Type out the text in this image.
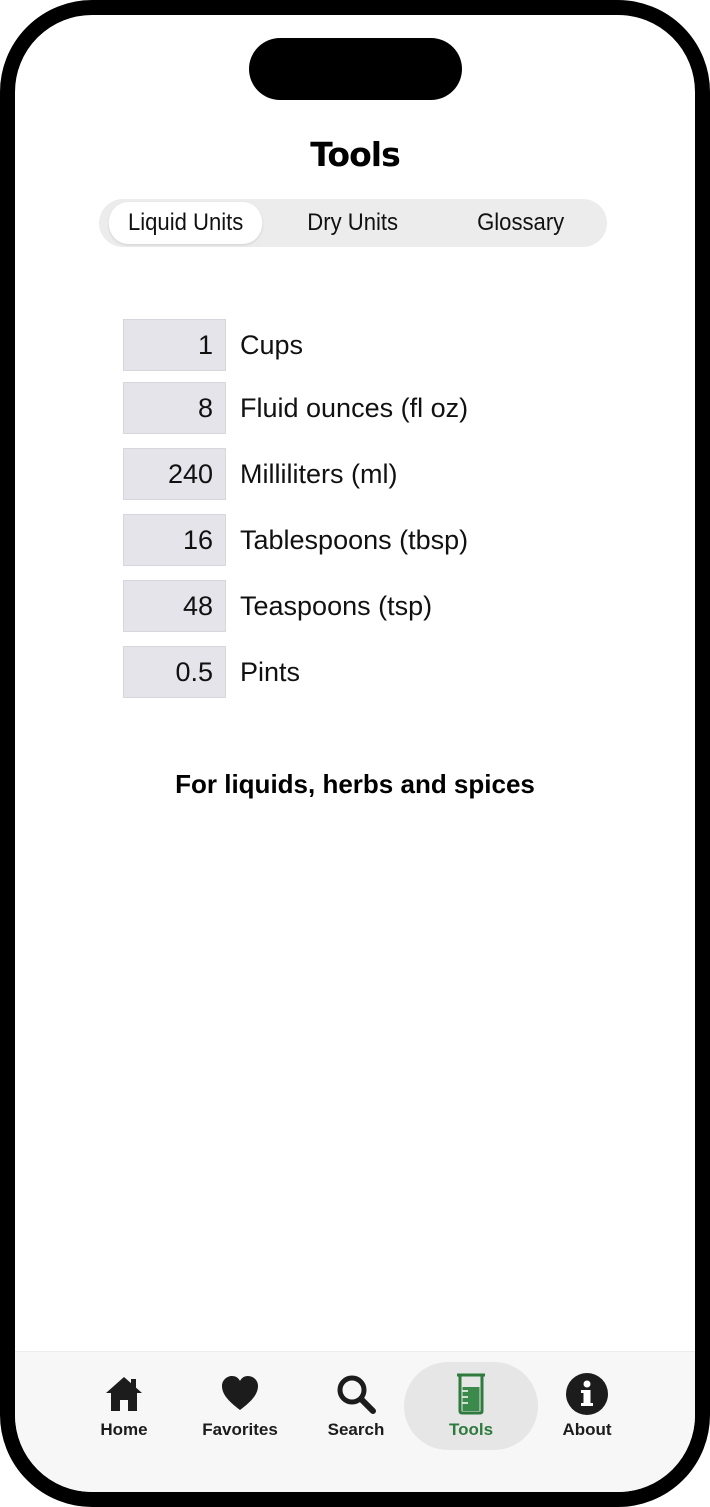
Tools
Liquid Units	Dry Units	Glossary
1	Cups
8	Fluid ounces (fl oz)
240	Milliliters (ml)
16	Tablespoons (tbsp)
48	Teaspoons (tsp)
0.5	Pints
For liquids, herbs and spices
Home	Favorites	Search	Tools	About
